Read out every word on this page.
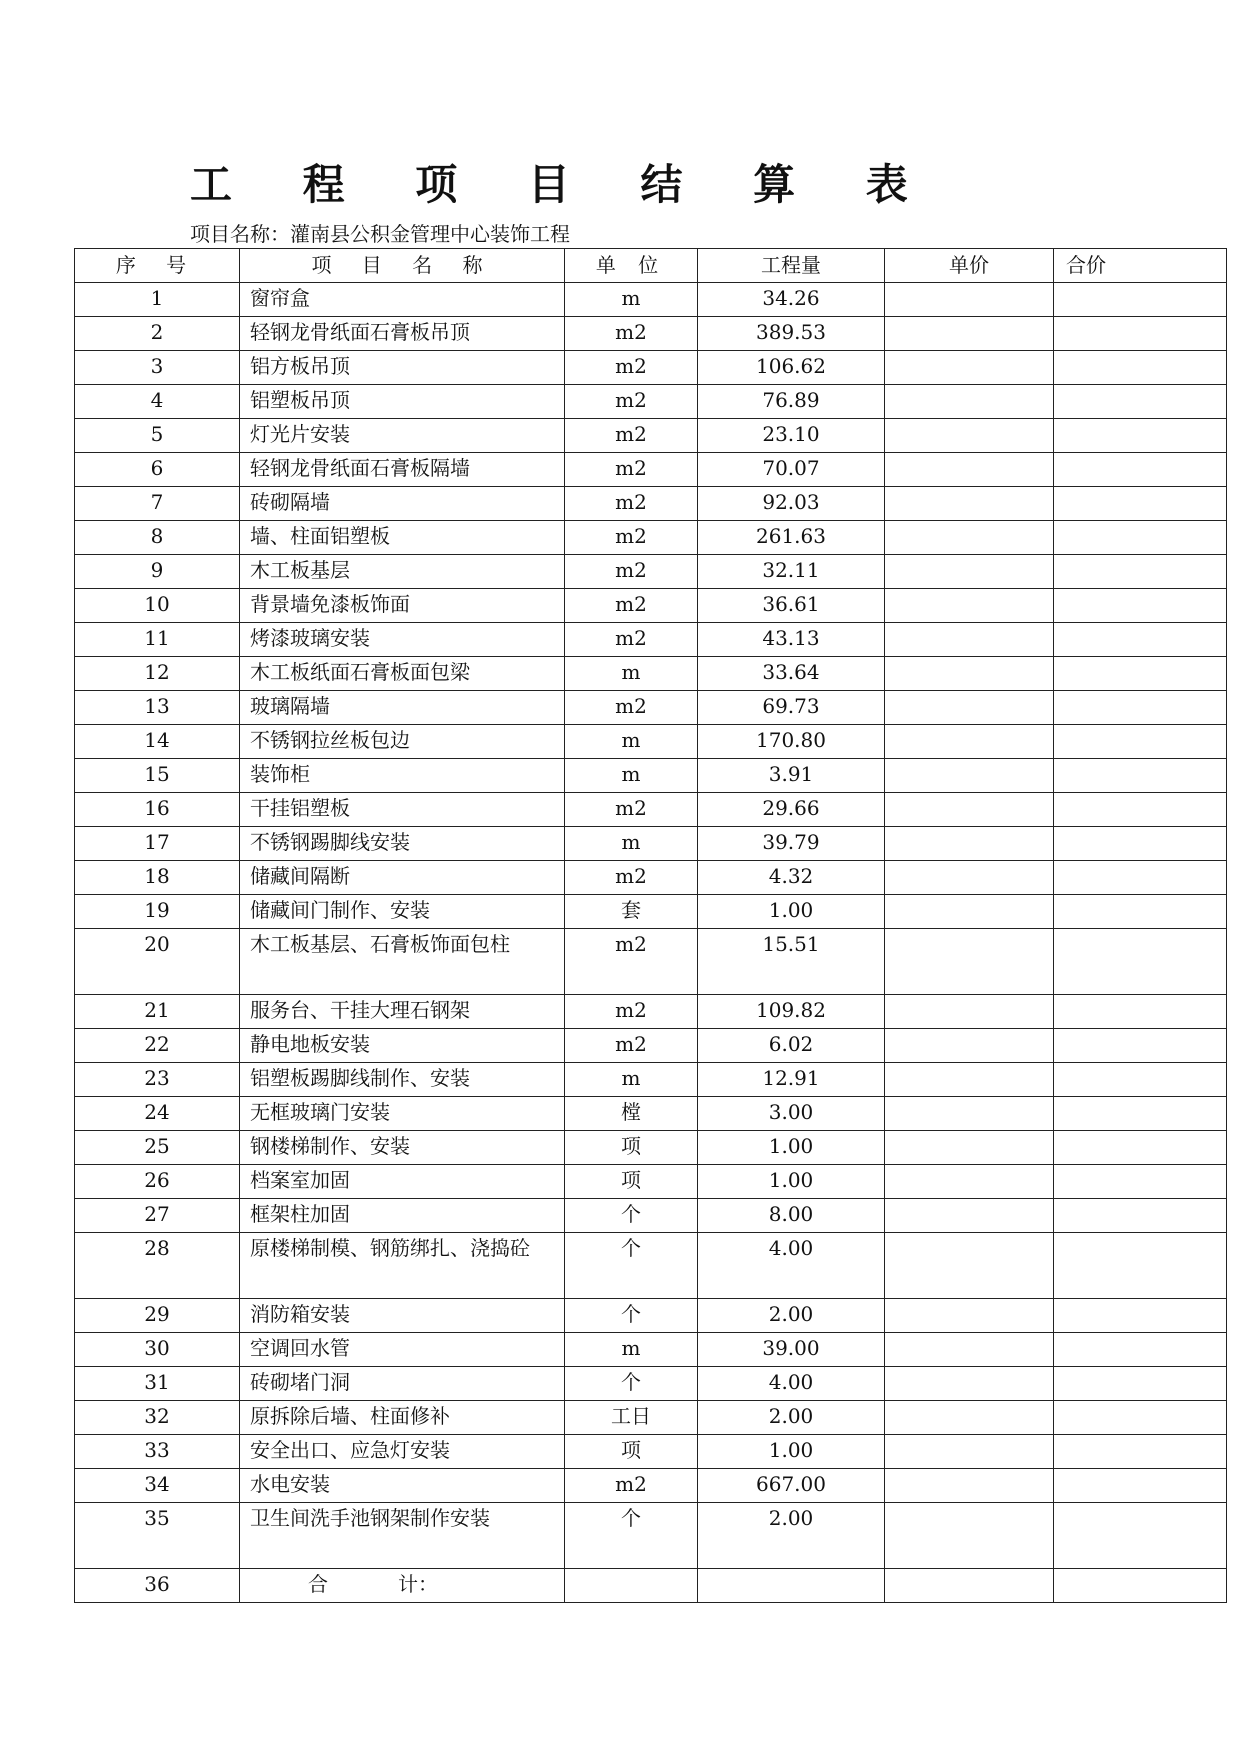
工 程 项 目 结 算 表
项目名称：灌南县公积金管理中心装饰工程
序 号	项 目 名 称	单 位	工程量	单价	合价
1	窗帘盒	m	34.26		
2	轻钢龙骨纸面石膏板吊顶	m2	389.53		
3	铝方板吊顶	m2	106.62		
4	铝塑板吊顶	m2	76.89		
5	灯光片安装	m2	23.10		
6	轻钢龙骨纸面石膏板隔墙	m2	70.07		
7	砖砌隔墙	m2	92.03		
8	墙、柱面铝塑板	m2	261.63		
9	木工板基层	m2	32.11		
10	背景墙免漆板饰面	m2	36.61		
11	烤漆玻璃安装	m2	43.13		
12	木工板纸面石膏板面包梁	m	33.64		
13	玻璃隔墙	m2	69.73		
14	不锈钢拉丝板包边	m	170.80		
15	装饰柜	m	3.91		
16	干挂铝塑板	m2	29.66		
17	不锈钢踢脚线安装	m	39.79		
18	储藏间隔断	m2	4.32		
19	储藏间门制作、安装	套	1.00		
20	木工板基层、石膏板饰面包柱	m2	15.51		
21	服务台、干挂大理石钢架	m2	109.82		
22	静电地板安装	m2	6.02		
23	铝塑板踢脚线制作、安装	m	12.91		
24	无框玻璃门安装	樘	3.00		
25	钢楼梯制作、安装	项	1.00		
26	档案室加固	项	1.00		
27	框架柱加固	个	8.00		
28	原楼梯制模、钢筋绑扎、浇捣砼	个	4.00		
29	消防箱安装	个	2.00		
30	空调回水管	m	39.00		
31	砖砌堵门洞	个	4.00		
32	原拆除后墙、柱面修补	工日	2.00		
33	安全出口、应急灯安装	项	1.00		
34	水电安装	m2	667.00		
35	卫生间洗手池钢架制作安装	个	2.00		
36	合 计：				
